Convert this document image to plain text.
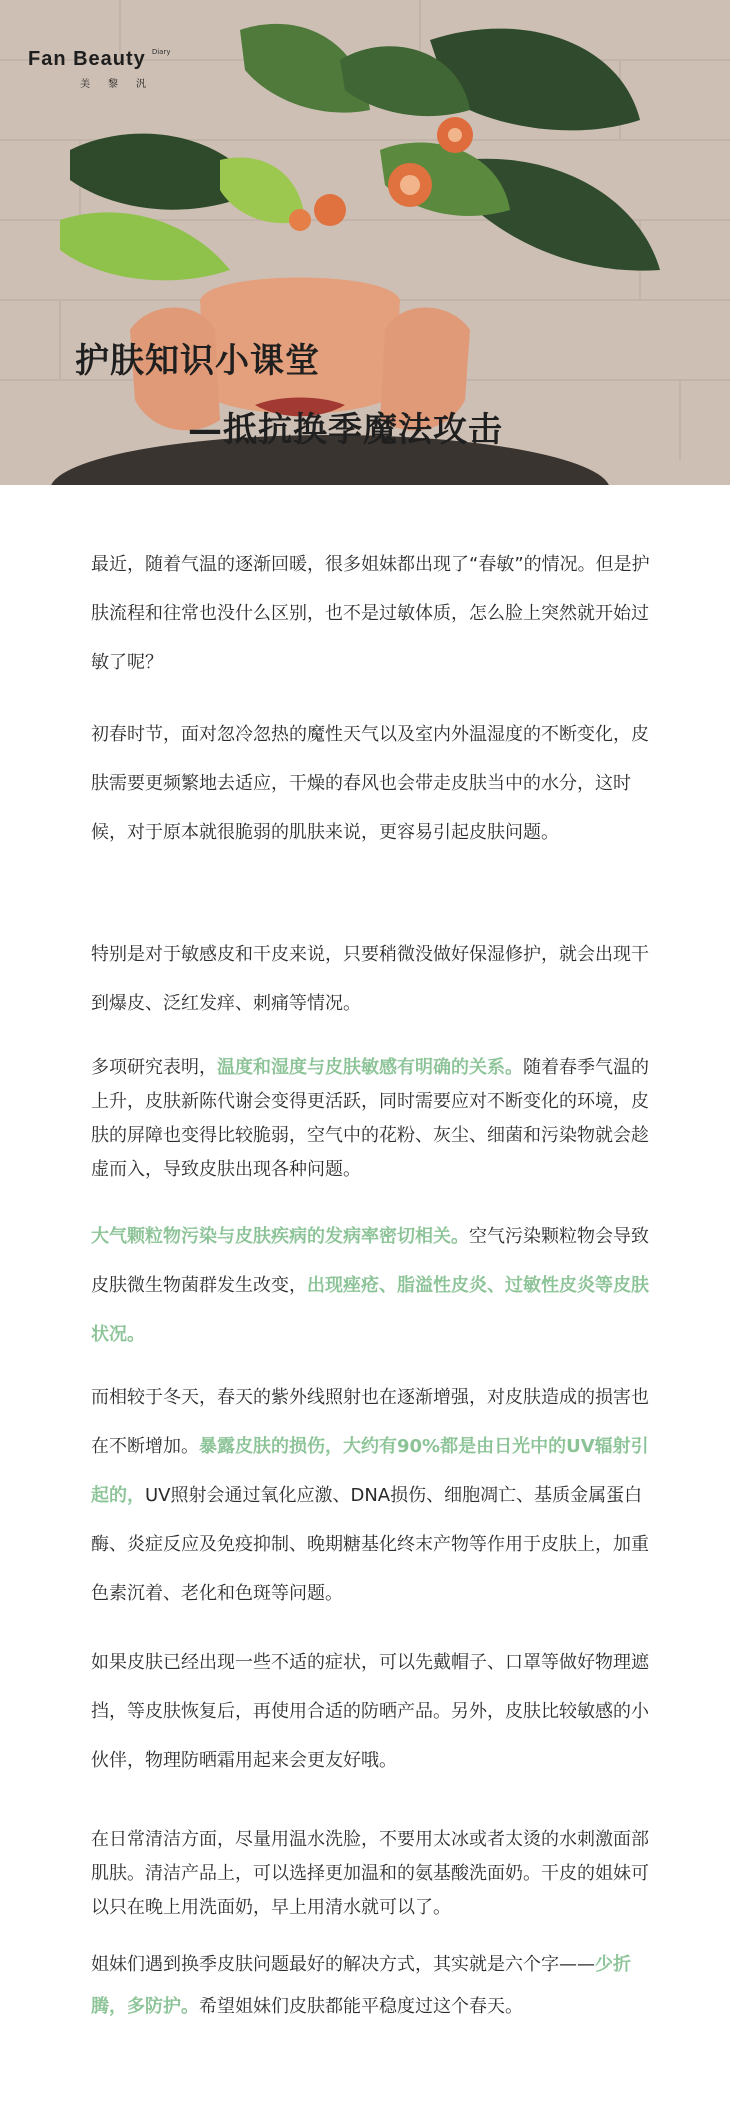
Fan Beauty $^{Diary}$
美黎汎
护肤知识小课堂
—抵抗换季魔法攻击

最近，随着气温的逐渐回暖，很多姐妹都出现了“春敏”的情况。但是护肤流程和往常也没什么区别，也不是过敏体质，怎么脸上突然就开始过敏了呢？

初春时节，面对忽冷忽热的魔性天气以及室内外温湿度的不断变化，皮肤需要更频繁地去适应，干燥的春风也会带走皮肤当中的水分，这时候，对于原本就很脆弱的肌肤来说，更容易引起皮肤问题。

特别是对于敏感皮和干皮来说，只要稍微没做好保湿修护，就会出现干到爆皮、泛红发痒、刺痛等情况。

多项研究表明，温度和湿度与皮肤敏感有明确的关系。随着春季气温的上升，皮肤新陈代谢会变得更活跃，同时需要应对不断变化的环境，皮肤的屏障也变得比较脆弱，空气中的花粉、灰尘、细菌和污染物就会趁虚而入，导致皮肤出现各种问题。

大气颗粒物污染与皮肤疾病的发病率密切相关。空气污染颗粒物会导致皮肤微生物菌群发生改变，出现痤疮、脂溢性皮炎、过敏性皮炎等皮肤状况。

而相较于冬天，春天的紫外线照射也在逐渐增强，对皮肤造成的损害也在不断增加。暴露皮肤的损伤，大约有90%都是由日光中的UV辐射引起的，UV照射会通过氧化应激、DNA损伤、细胞凋亡、基质金属蛋白酶、炎症反应及免疫抑制、晚期糖基化终末产物等作用于皮肤上，加重色素沉着、老化和色斑等问题。

如果皮肤已经出现一些不适的症状，可以先戴帽子、口罩等做好物理遮挡，等皮肤恢复后，再使用合适的防晒产品。另外，皮肤比较敏感的小伙伴，物理防晒霜用起来会更友好哦。

在日常清洁方面，尽量用温水洗脸，不要用太冰或者太烫的水刺激面部肌肤。清洁产品上，可以选择更加温和的氨基酸洗面奶。干皮的姐妹可以只在晚上用洗面奶，早上用清水就可以了。

姐妹们遇到换季皮肤问题最好的解决方式，其实就是六个字——少折腾，多防护。希望姐妹们皮肤都能平稳度过这个春天。
